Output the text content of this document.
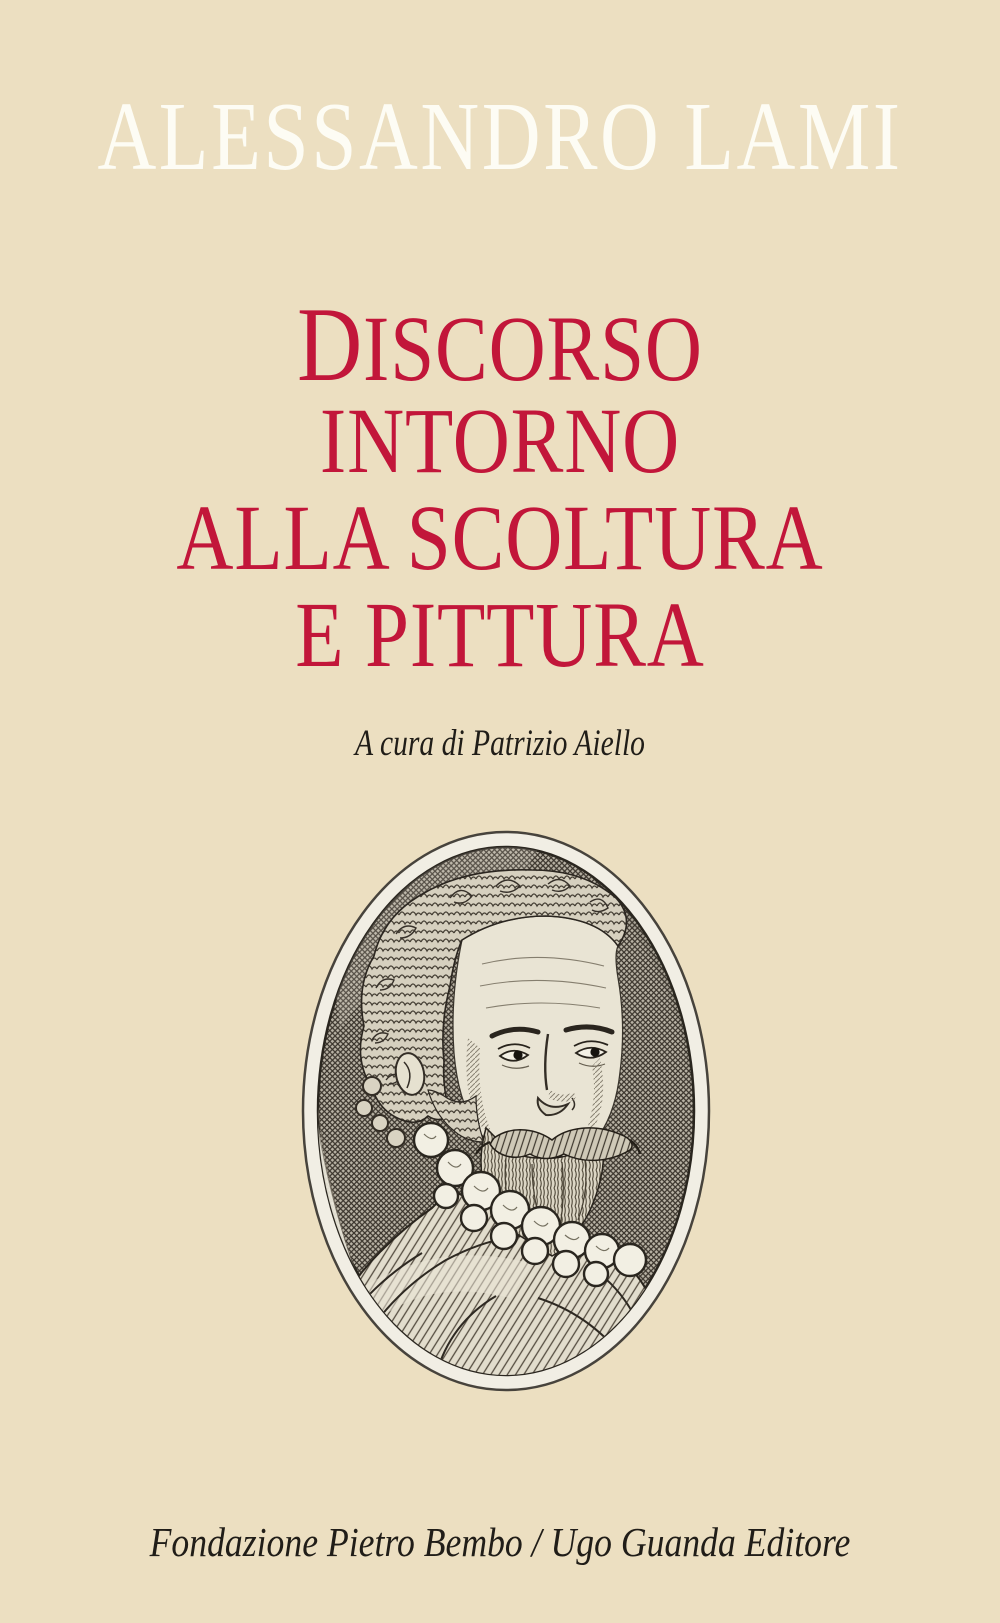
ALESSANDRO LAMI
DISCORSO
INTORNO
ALLA SCOLTURA
E PITTURA
A cura di Patrizio Aiello
Fondazione Pietro Bembo / Ugo Guanda Editore
